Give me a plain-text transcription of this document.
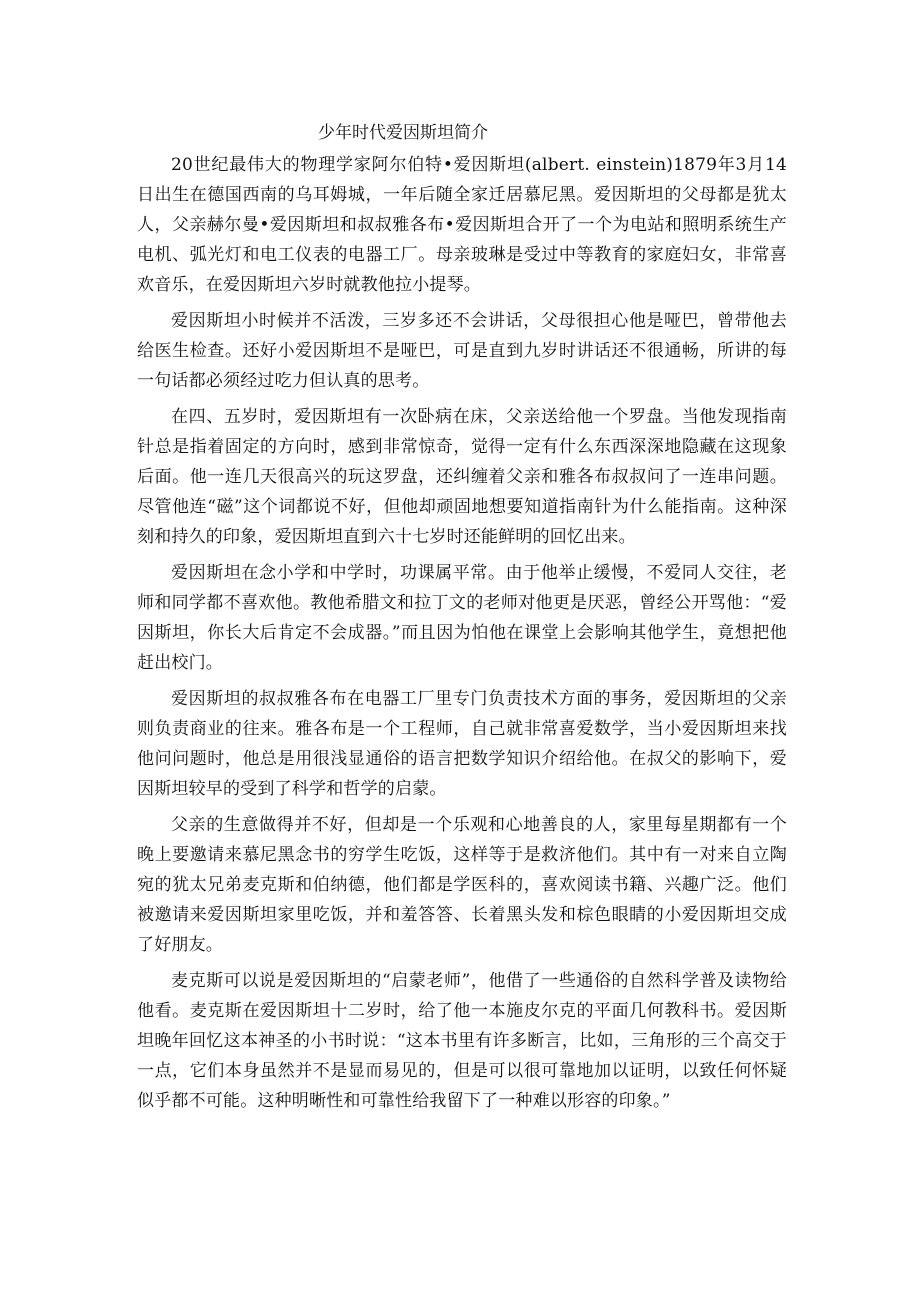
少年时代爱因斯坦简介

20世纪最伟大的物理学家阿尔伯特•爱因斯坦(albert. einstein)1879年3月14日出生在德国西南的乌耳姆城，一年后随全家迁居慕尼黑。爱因斯坦的父母都是犹太人，父亲赫尔曼•爱因斯坦和叔叔雅各布•爱因斯坦合开了一个为电站和照明系统生产电机、弧光灯和电工仪表的电器工厂。母亲玻琳是受过中等教育的家庭妇女，非常喜欢音乐，在爱因斯坦六岁时就教他拉小提琴。

爱因斯坦小时候并不活泼，三岁多还不会讲话，父母很担心他是哑巴，曾带他去给医生检查。还好小爱因斯坦不是哑巴，可是直到九岁时讲话还不很通畅，所讲的每一句话都必须经过吃力但认真的思考。

在四、五岁时，爱因斯坦有一次卧病在床，父亲送给他一个罗盘。当他发现指南针总是指着固定的方向时，感到非常惊奇，觉得一定有什么东西深深地隐藏在这现象后面。他一连几天很高兴的玩这罗盘，还纠缠着父亲和雅各布叔叔问了一连串问题。尽管他连“磁”这个词都说不好，但他却顽固地想要知道指南针为什么能指南。这种深刻和持久的印象，爱因斯坦直到六十七岁时还能鲜明的回忆出来。

爱因斯坦在念小学和中学时，功课属平常。由于他举止缓慢，不爱同人交往，老师和同学都不喜欢他。教他希腊文和拉丁文的老师对他更是厌恶，曾经公开骂他：“爱因斯坦，你长大后肯定不会成器。”而且因为怕他在课堂上会影响其他学生，竟想把他赶出校门。

爱因斯坦的叔叔雅各布在电器工厂里专门负责技术方面的事务，爱因斯坦的父亲则负责商业的往来。雅各布是一个工程师，自己就非常喜爱数学，当小爱因斯坦来找他问问题时，他总是用很浅显通俗的语言把数学知识介绍给他。在叔父的影响下，爱因斯坦较早的受到了科学和哲学的启蒙。

父亲的生意做得并不好，但却是一个乐观和心地善良的人，家里每星期都有一个晚上要邀请来慕尼黑念书的穷学生吃饭，这样等于是救济他们。其中有一对来自立陶宛的犹太兄弟麦克斯和伯纳德，他们都是学医科的，喜欢阅读书籍、兴趣广泛。他们被邀请来爱因斯坦家里吃饭，并和羞答答、长着黑头发和棕色眼睛的小爱因斯坦交成了好朋友。

麦克斯可以说是爱因斯坦的“启蒙老师”，他借了一些通俗的自然科学普及读物给他看。麦克斯在爱因斯坦十二岁时，给了他一本施皮尔克的平面几何教科书。爱因斯坦晚年回忆这本神圣的小书时说：“这本书里有许多断言，比如，三角形的三个高交于一点，它们本身虽然并不是显而易见的，但是可以很可靠地加以证明，以致任何怀疑似乎都不可能。这种明晰性和可靠性给我留下了一种难以形容的印象。”
